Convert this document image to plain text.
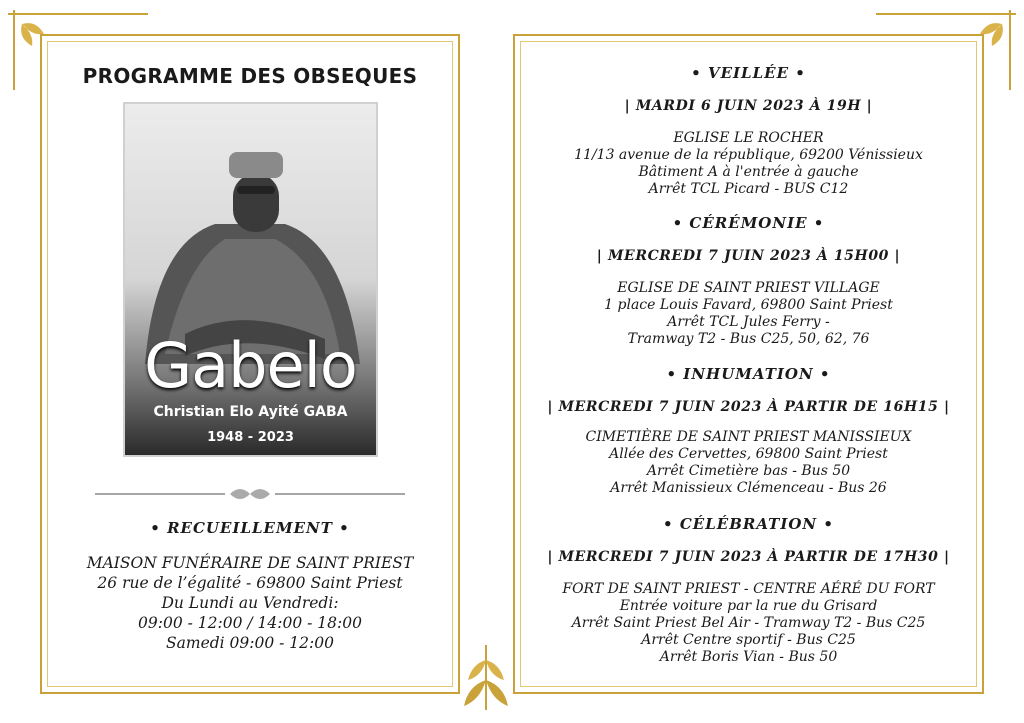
PROGRAMME DES OBSEQUES
Gabelo
Christian Elo Ayité GABA
1948 - 2023
• RECUEILLEMENT •
MAISON FUNÉRAIRE DE SAINT PRIEST
26 rue de l’égalité - 69800 Saint Priest
Du Lundi au Vendredi:
09:00 - 12:00 / 14:00 - 18:00
Samedi 09:00 - 12:00
• VEILLÉE •
| MARDI 6 JUIN 2023 À 19H |
EGLISE LE ROCHER
11/13 avenue de la république, 69200 Vénissieux
Bâtiment A à l'entrée à gauche
Arrêt TCL Picard - BUS C12
• CÉRÉMONIE •
| MERCREDI 7 JUIN 2023 À 15H00 |
EGLISE DE SAINT PRIEST VILLAGE
1 place Louis Favard, 69800 Saint Priest
Arrêt TCL Jules Ferry -
Tramway T2 - Bus C25, 50, 62, 76
• INHUMATION •
| MERCREDI 7 JUIN 2023 À PARTIR DE 16H15 |
CIMETIÈRE DE SAINT PRIEST MANISSIEUX
Allée des Cervettes, 69800 Saint Priest
Arrêt Cimetière bas - Bus 50
Arrêt Manissieux Clémenceau - Bus 26
• CÉLÉBRATION •
| MERCREDI 7 JUIN 2023 À PARTIR DE 17H30 |
FORT DE SAINT PRIEST - CENTRE AÉRÉ DU FORT
Entrée voiture par la rue du Grisard
Arrêt Saint Priest Bel Air - Tramway T2 - Bus C25
Arrêt Centre sportif - Bus C25
Arrêt Boris Vian - Bus 50
